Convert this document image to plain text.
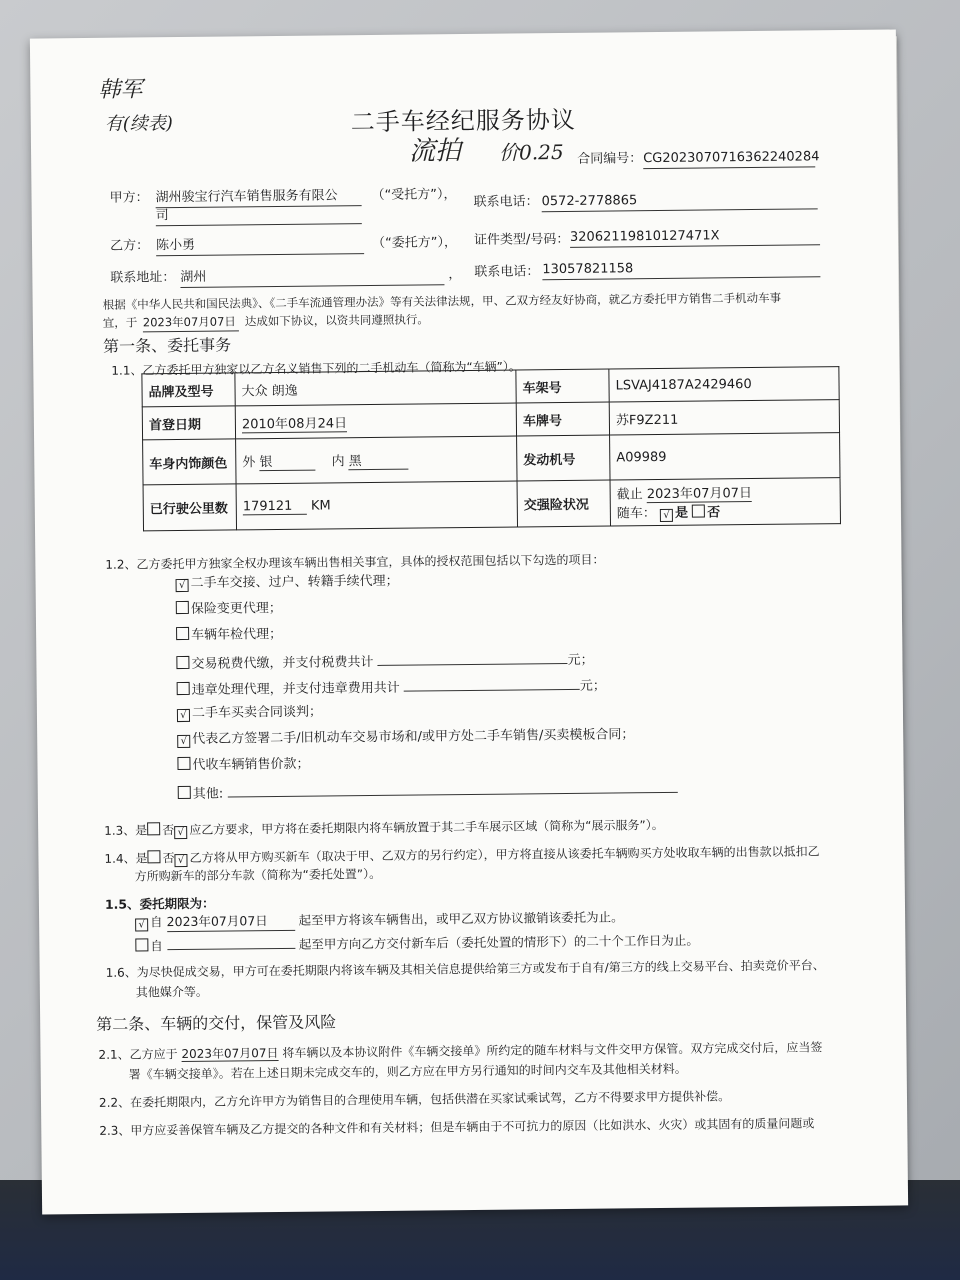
韩军
有(续表)
流拍 价0.25
二手车经纪服务协议
合同编号： CG2023070716362240284
甲方： 湖州骏宝行汽车销售服务有限公
司
（“受托方”）， 联系电话： 0572-2778865
乙方： 陈小勇	（“委托方”）， 证件类型/号码： 32062119810127471X
联系地址： 湖州	， 联系电话： 13057821158
根据《中华人民共和国民法典》、《二手车流通管理办法》等有关法律法规，甲、乙双方经友好协商，就乙方委托甲方销售二手机动车事
宜，于 2023年07月07日 达成如下协议，以资共同遵照执行。
第一条、委托事务
1.1、乙方委托甲方独家以乙方名义销售下列的二手机动车（简称为“车辆”）。
品牌及型号	大众 朗逸	车架号	LSVAJ4187A2429460
首登日期	2010年08月24日	车牌号	苏F9Z211
车身内饰颜色	外 银 内 黑	发动机号	A09989
已行驶公里数	179121 KM	交强险状况	截止 2023年07月07日
随车： √ 是 否
1.2、乙方委托甲方独家全权办理该车辆出售相关事宜，具体的授权范围包括以下勾选的项目：
√ 二手车交接、过户、转籍手续代理；
保险变更代理；
车辆年检代理；
交易税费代缴，并支付税费共计	元；
违章处理代理，并支付违章费用共计	元；
√ 二手车买卖合同谈判；
√ 代表乙方签署二手/旧机动车交易市场和/或甲方处二手车销售/买卖模板合同；
代收车辆销售价款；
其他:
1.3、是 否 √ 应乙方要求，甲方将在委托期限内将车辆放置于其二手车展示区域（简称为“展示服务”）。
1.4、是 否 √ 乙方将从甲方购买新车（取决于甲、乙双方的另行约定），甲方将直接从该委托车辆购买方处收取车辆的出售款以抵扣乙
方所购新车的部分车款（简称为“委托处置”）。
1.5、委托期限为：
√ 自 2023年07月07日 起至甲方将该车辆售出，或甲乙双方协议撤销该委托为止。
自	起至甲方向乙方交付新车后（委托处置的情形下）的二十个工作日为止。
1.6、为尽快促成交易，甲方可在委托期限内将该车辆及其相关信息提供给第三方或发布于自有/第三方的线上交易平台、拍卖竞价平台、
其他媒介等。
第二条、车辆的交付，保管及风险
2.1、乙方应于 2023年07月07日 将车辆以及本协议附件《车辆交接单》所约定的随车材料与文件交甲方保管。双方完成交付后，应当签
署《车辆交接单》。若在上述日期未完成交车的，则乙方应在甲方另行通知的时间内交车及其他相关材料。
2.2、在委托期限内，乙方允许甲方为销售目的合理使用车辆，包括供潜在买家试乘试驾，乙方不得要求甲方提供补偿。
2.3、甲方应妥善保管车辆及乙方提交的各种文件和有关材料；但是车辆由于不可抗力的原因（比如洪水、火灾）或其固有的质量问题或
